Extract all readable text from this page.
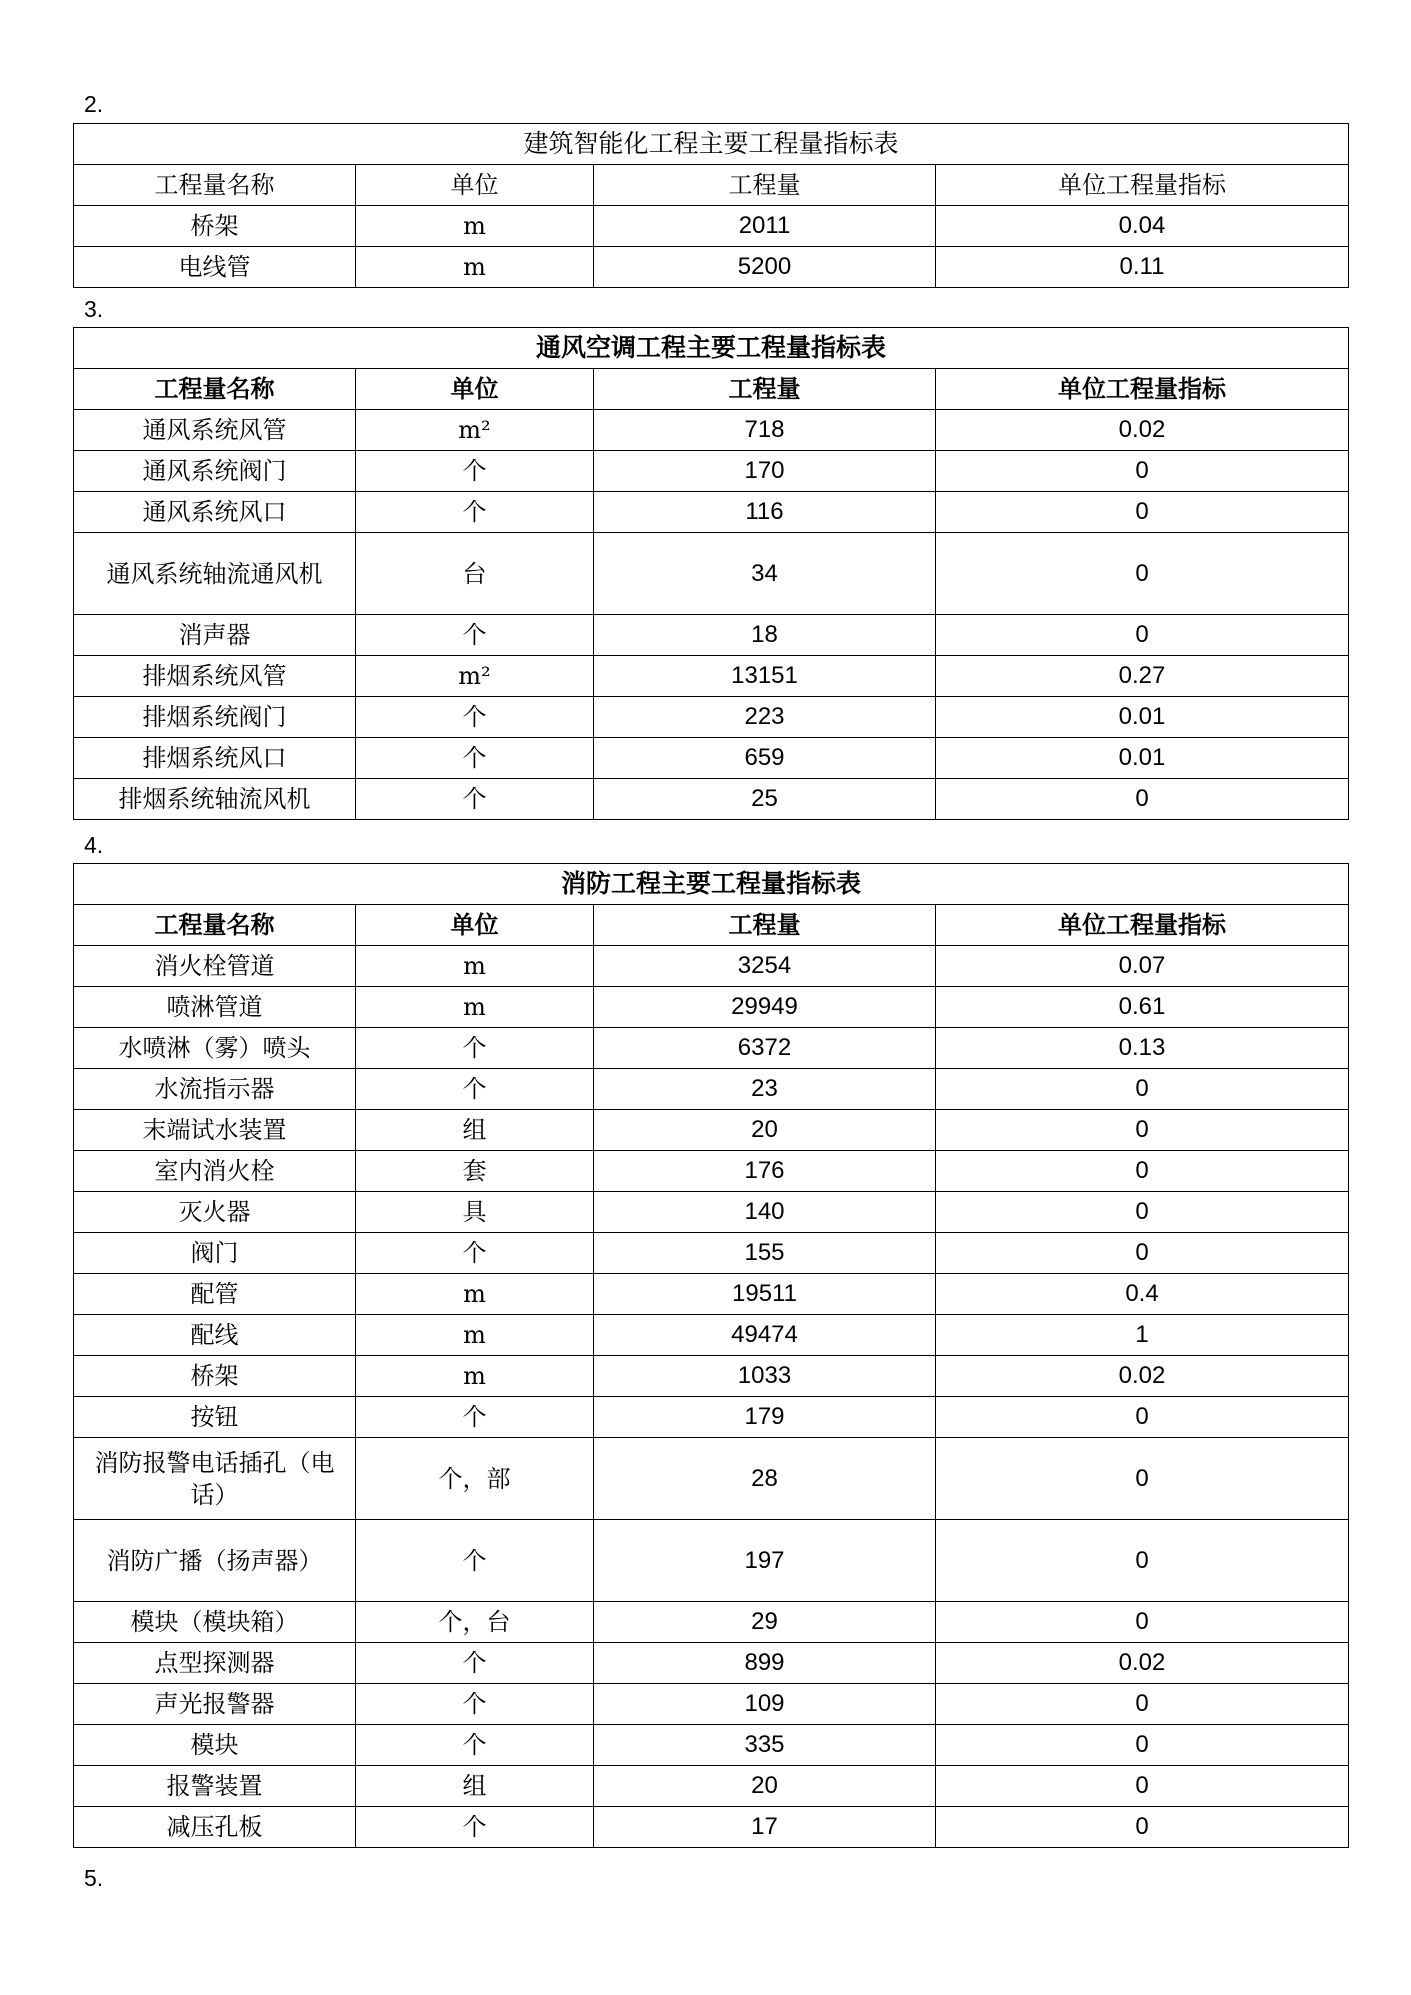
2.
建筑智能化工程主要工程量指标表			
工程量名称	单位	工程量	单位工程量指标
桥架	m	2011	0.04
电线管	m	5200	0.11
3.
通风空调工程主要工程量指标表			
工程量名称	单位	工程量	单位工程量指标
通风系统风管	m²	718	0.02
通风系统阀门	个	170	0
通风系统风口	个	116	0
通风系统轴流通风机	台	34	0
消声器	个	18	0
排烟系统风管	m²	13151	0.27
排烟系统阀门	个	223	0.01
排烟系统风口	个	659	0.01
排烟系统轴流风机	个	25	0
4.
消防工程主要工程量指标表			
工程量名称	单位	工程量	单位工程量指标
消火栓管道	m	3254	0.07
喷淋管道	m	29949	0.61
水喷淋（雾）喷头	个	6372	0.13
水流指示器	个	23	0
末端试水装置	组	20	0
室内消火栓	套	176	0
灭火器	具	140	0
阀门	个	155	0
配管	m	19511	0.4
配线	m	49474	1
桥架	m	1033	0.02
按钮	个	179	0
消防报警电话插孔（电话）	个，部	28	0
消防广播（扬声器）	个	197	0
模块（模块箱）	个，台	29	0
点型探测器	个	899	0.02
声光报警器	个	109	0
模块	个	335	0
报警装置	组	20	0
减压孔板	个	17	0
5.
